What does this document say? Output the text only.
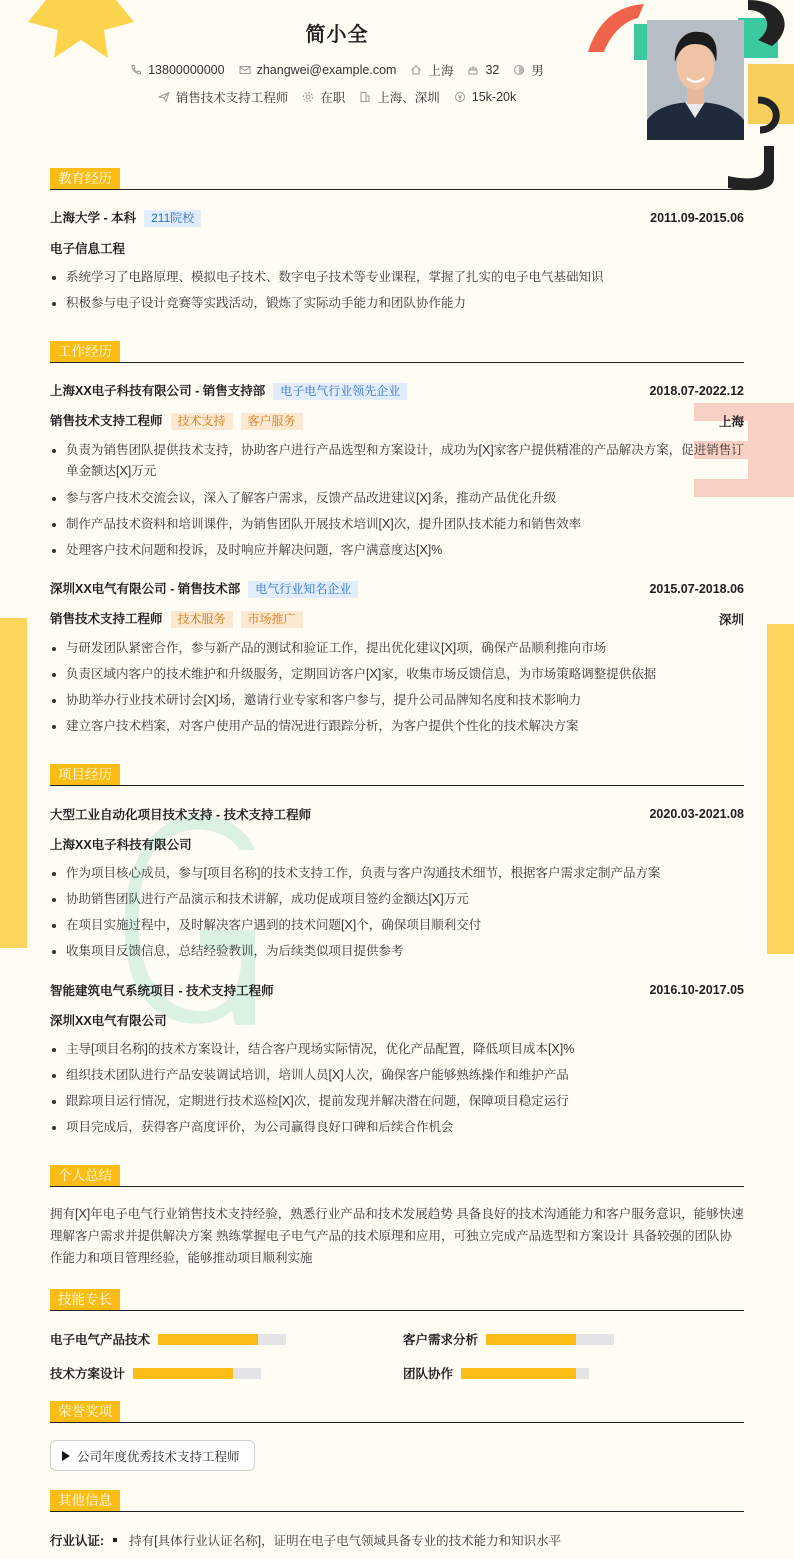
简小全
13800000000	zhangwei@example.com	上海	32	男
销售技术支持工程师	在职	上海、深圳	15k-20k
教育经历
上海大学 - 本科 211院校	2011.09-2015.06
电子信息工程
系统学习了电路原理、模拟电子技术、数字电子技术等专业课程，掌握了扎实的电子电气基础知识
积极参与电子设计竞赛等实践活动，锻炼了实际动手能力和团队协作能力
工作经历
上海XX电子科技有限公司 - 销售支持部 电子电气行业领先企业	2018.07-2022.12
销售技术支持工程师 技术支持 客户服务	上海
负责为销售团队提供技术支持，协助客户进行产品选型和方案设计，成功为[X]家客户提供精准的产品解决方案，促进销售订单金额达[X]万元
参与客户技术交流会议，深入了解客户需求，反馈产品改进建议[X]条，推动产品优化升级
制作产品技术资料和培训课件，为销售团队开展技术培训[X]次，提升团队技术能力和销售效率
处理客户技术问题和投诉，及时响应并解决问题，客户满意度达[X]%
深圳XX电气有限公司 - 销售技术部 电气行业知名企业	2015.07-2018.06
销售技术支持工程师 技术服务 市场推广	深圳
与研发团队紧密合作，参与新产品的测试和验证工作，提出优化建议[X]项，确保产品顺利推向市场
负责区域内客户的技术维护和升级服务，定期回访客户[X]家，收集市场反馈信息，为市场策略调整提供依据
协助举办行业技术研讨会[X]场，邀请行业专家和客户参与，提升公司品牌知名度和技术影响力
建立客户技术档案，对客户使用产品的情况进行跟踪分析，为客户提供个性化的技术解决方案
项目经历
大型工业自动化项目技术支持 - 技术支持工程师	2020.03-2021.08
上海XX电子科技有限公司
作为项目核心成员，参与[项目名称]的技术支持工作，负责与客户沟通技术细节，根据客户需求定制产品方案
协助销售团队进行产品演示和技术讲解，成功促成项目签约金额达[X]万元
在项目实施过程中，及时解决客户遇到的技术问题[X]个，确保项目顺利交付
收集项目反馈信息，总结经验教训，为后续类似项目提供参考
智能建筑电气系统项目 - 技术支持工程师	2016.10-2017.05
深圳XX电气有限公司
主导[项目名称]的技术方案设计，结合客户现场实际情况，优化产品配置，降低项目成本[X]%
组织技术团队进行产品安装调试培训，培训人员[X]人次，确保客户能够熟练操作和维护产品
跟踪项目运行情况，定期进行技术巡检[X]次，提前发现并解决潜在问题，保障项目稳定运行
项目完成后，获得客户高度评价，为公司赢得良好口碑和后续合作机会
个人总结
拥有[X]年电子电气行业销售技术支持经验，熟悉行业产品和技术发展趋势 具备良好的技术沟通能力和客户服务意识，能够快速理解客户需求并提供解决方案 熟练掌握电子电气产品的技术原理和应用，可独立完成产品选型和方案设计 具备较强的团队协作能力和项目管理经验，能够推动项目顺利实施
技能专长
电子电气产品技术	客户需求分析
技术方案设计	团队协作
荣誉奖项
公司年度优秀技术支持工程师
其他信息
行业认证: 持有[具体行业认证名称]，证明在电子电气领域具备专业的技术能力和知识水平
